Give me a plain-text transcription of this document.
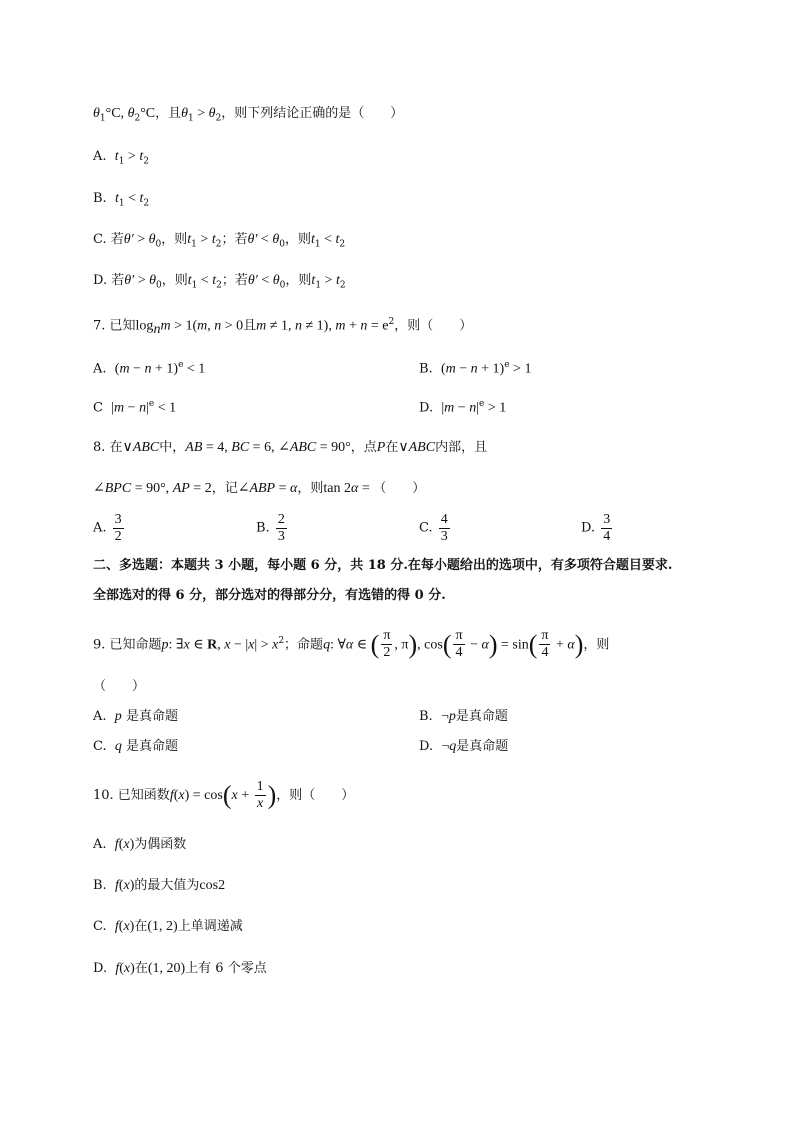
$\theta_1^\circ C$, $\theta_2^\circ C$，且$\theta_1 > \theta_2$，则下列结论正确的是（　　）
A. $t_1 > t_2$
B. $t_1 < t_2$
C. 若$\theta' > \theta_0$，则$t_1 > t_2$；若$\theta' < \theta_0$，则$t_1 < t_2$
D. 若$\theta' > \theta_0$，则$t_1 < t_2$；若$\theta' < \theta_0$，则$t_1 > t_2$
7. 已知$\log_nm > 1(m$, n > 0且m ≠ 1, n ≠ 1), $m + n = e^2$，则（　　）
A. $(m - n + 1)^e < 1$	B. $(m - n + 1)^e > 1$
C $|m - n|^e < 1$	D. $|m - n|^e > 1$
8. 在∨ABC中，AB = 4, BC = 6, ∠ABC = 90°，点P在∨ABC内部，且
∠BPC = 90°, AP = 2，记∠ABP = α，则tan 2α = （　　）
A. $\frac{3}{2}$	B. $\frac{2}{3}$	C. $\frac{4}{3}$	D. $\frac{3}{4}$
二、多选题：本题共 3 小题，每小题 6 分，共 18 分.在每小题给出的选项中，有多项符合题目要求.
全部选对的得 6 分，部分选对的得部分分，有选错的得 0 分.
9. 已知命题p: ∃x ∈ R, $x - |x| > x^2$；命题q: ∀α ∈ ( $\frac{\pi}{2}$ , π), $\cos( \frac{\pi}{4} - \alpha) = \sin( \frac{\pi}{4} + \alpha)$，则
（　　）
A. p 是真命题	B. ¬p是真命题
C. q 是真命题	D. ¬q是真命题
10. 已知函数$f(x) = \cos(x + \frac{1}{x}$ )，则（　　）
A. f(x)为偶函数
B. f(x)的最大值为cos2
C. f(x)在(1, 2)上单调递减
D. f(x)在(1, 20)上有 6 个零点
